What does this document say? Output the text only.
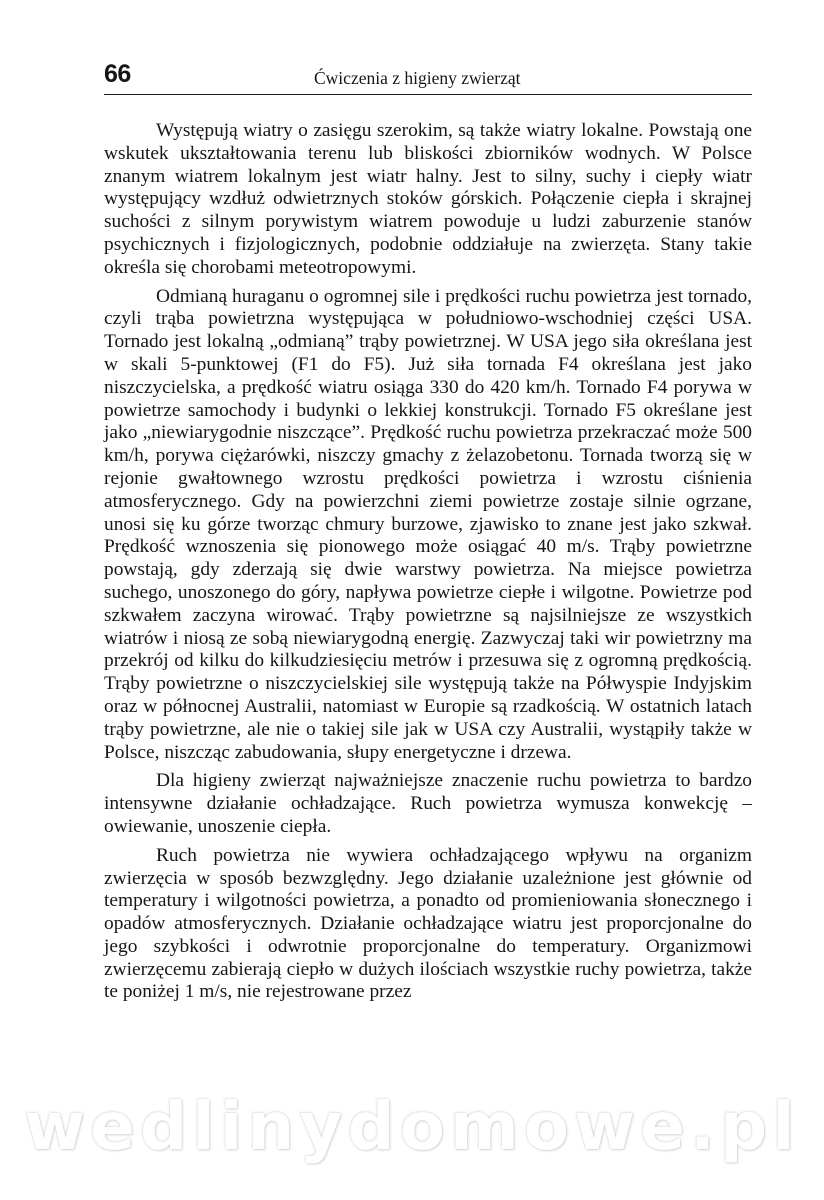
66	Ćwiczenia z higieny zwierząt

Występują wiatry o zasięgu szerokim, są także wiatry lokalne. Powstają one wskutek ukształtowania terenu lub bliskości zbiorników wodnych. W Polsce znanym wiatrem lokalnym jest wiatr halny. Jest to silny, suchy i ciepły wiatr występujący wzdłuż odwietrznych stoków górskich. Połączenie ciepła i skrajnej suchości z silnym porywistym wiatrem powoduje u ludzi zaburzenie stanów psychicznych i fizjologicznych, podobnie oddziałuje na zwierzęta. Stany takie określa się chorobami meteotropowymi.

Odmianą huraganu o ogromnej sile i prędkości ruchu powietrza jest tornado, czyli trąba powietrzna występująca w południowo-wschodniej części USA. Tornado jest lokalną „odmianą” trąby powietrznej. W USA jego siła określana jest w skali 5-punktowej (F1 do F5). Już siła tornada F4 określana jest jako niszczycielska, a prędkość wiatru osiąga 330 do 420 km/h. Tornado F4 porywa w powietrze samochody i budynki o lekkiej konstrukcji. Tornado F5 określane jest jako „niewiarygodnie niszczące”. Prędkość ruchu powietrza przekraczać może 500 km/h, porywa ciężarówki, niszczy gmachy z żelazobetonu. Tornada tworzą się w rejonie gwałtownego wzrostu prędkości powietrza i wzrostu ciśnienia atmosferycznego. Gdy na powierzchni ziemi powietrze zostaje silnie ogrzane, unosi się ku górze tworząc chmury burzowe, zjawisko to znane jest jako szkwał. Prędkość wznoszenia się pionowego może osiągać 40 m/s. Trąby powietrzne powstają, gdy zderzają się dwie warstwy powietrza. Na miejsce powietrza suchego, unoszonego do góry, napływa powietrze ciepłe i wilgotne. Powietrze pod szkwałem zaczyna wirować. Trąby powietrzne są najsilniejsze ze wszystkich wiatrów i niosą ze sobą niewiarygodną energię. Zazwyczaj taki wir powietrzny ma przekrój od kilku do kilkudziesięciu metrów i przesuwa się z ogromną prędkością. Trąby powietrzne o niszczycielskiej sile występują także na Półwyspie Indyjskim oraz w północnej Australii, natomiast w Europie są rzadkością. W ostatnich latach trąby powietrzne, ale nie o takiej sile jak w USA czy Australii, wystąpiły także w Polsce, niszcząc zabudowania, słupy energetyczne i drzewa.

Dla higieny zwierząt najważniejsze znaczenie ruchu powietrza to bardzo intensywne działanie ochładzające. Ruch powietrza wymusza konwekcję – owiewanie, unoszenie ciepła.

Ruch powietrza nie wywiera ochładzającego wpływu na organizm zwierzęcia w sposób bezwzględny. Jego działanie uzależnione jest głównie od temperatury i wilgotności powietrza, a ponadto od promieniowania słonecznego i opadów atmosferycznych. Działanie ochładzające wiatru jest proporcjonalne do jego szybkości i odwrotnie proporcjonalne do temperatury. Organizmowi zwierzęcemu zabierają ciepło w dużych ilościach wszystkie ruchy powietrza, także te poniżej 1 m/s, nie rejestrowane przez

wedlinydomowe.pl
